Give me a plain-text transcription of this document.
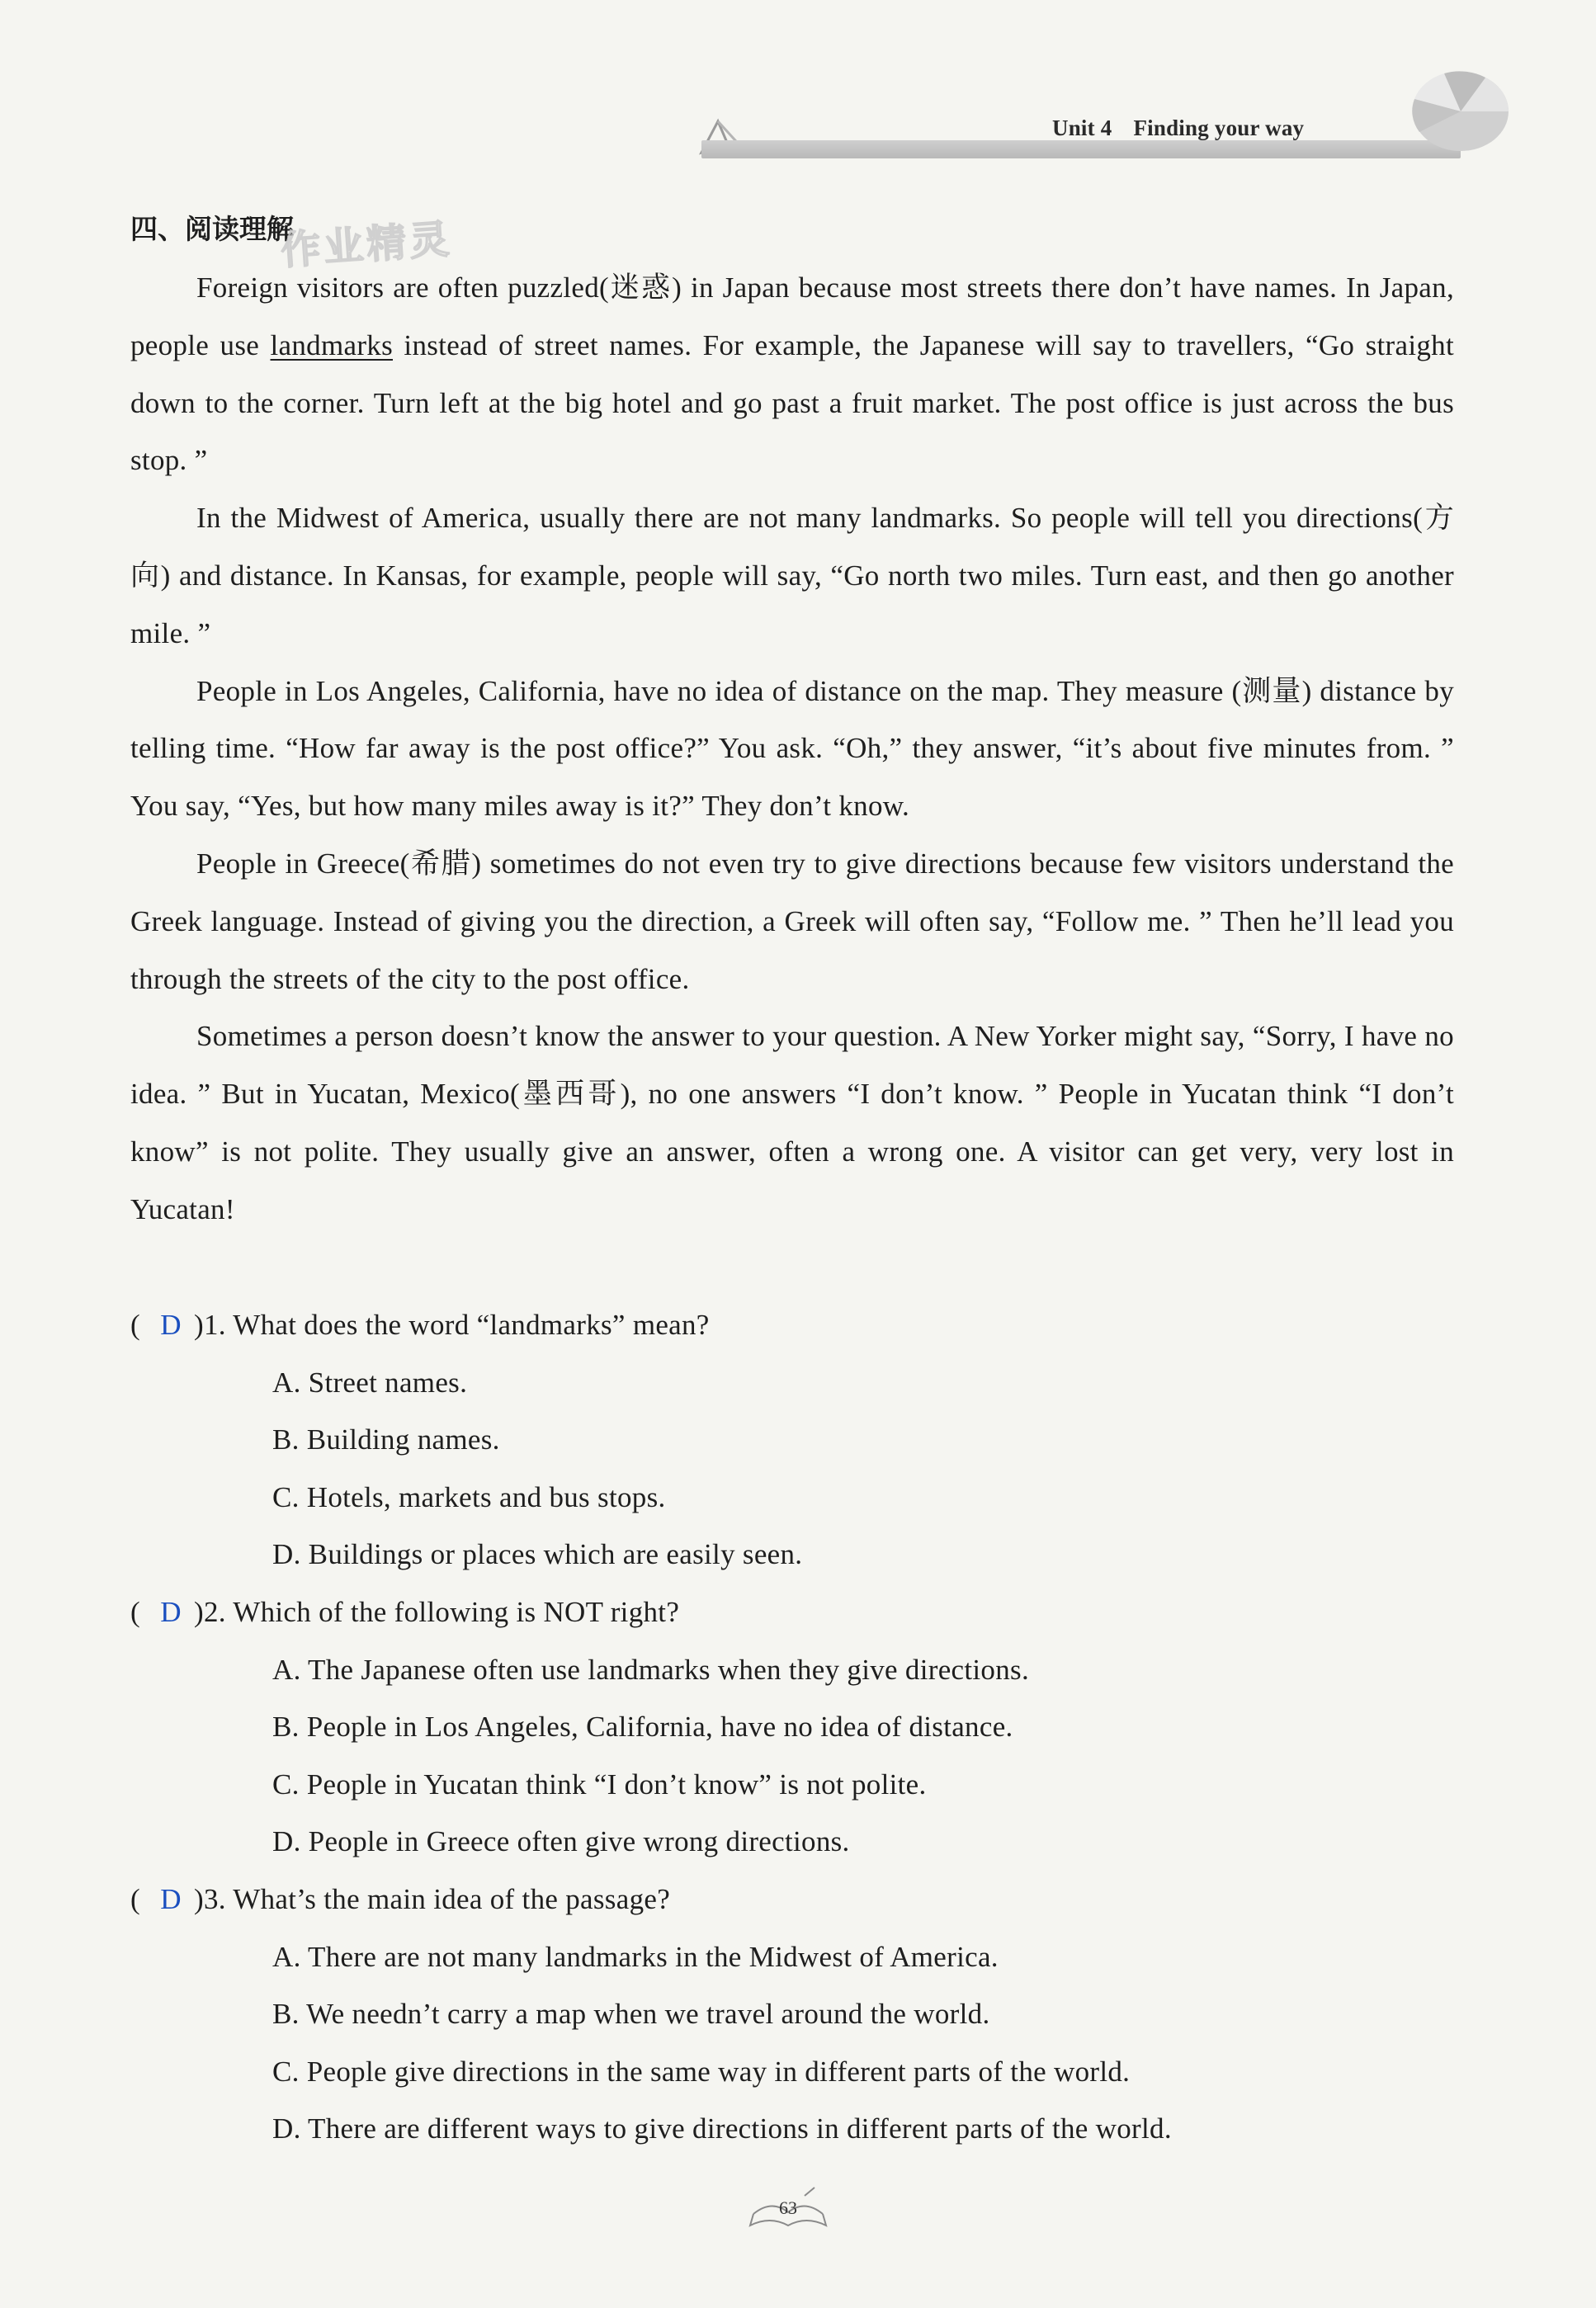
Unit 4 Finding your way
四、阅读理解
作业精灵

Foreign visitors are often puzzled(迷惑) in Japan because most streets there don’t have names. In Japan, people use landmarks instead of street names. For example, the Japanese will say to travellers, “Go straight down to the corner. Turn left at the big hotel and go past a fruit market. The post office is just across the bus stop. ”

In the Midwest of America, usually there are not many landmarks. So people will tell you directions(方向) and distance. In Kansas, for example, people will say, “Go north two miles. Turn east, and then go another mile. ”

People in Los Angeles, California, have no idea of distance on the map. They measure (测量) distance by telling time. “How far away is the post office?” You ask. “Oh,” they answer, “it’s about five minutes from. ” You say, “Yes, but how many miles away is it?” They don’t know.

People in Greece(希腊) sometimes do not even try to give directions because few visitors understand the Greek language. Instead of giving you the direction, a Greek will often say, “Follow me. ” Then he’ll lead you through the streets of the city to the post office.

Sometimes a person doesn’t know the answer to your question. A New Yorker might say, “Sorry, I have no idea. ” But in Yucatan, Mexico(墨西哥), no one answers “I don’t know. ” People in Yucatan think “I don’t know” is not polite. They usually give an answer, often a wrong one. A visitor can get very, very lost in Yucatan!

( D )1. What does the word “landmarks” mean?
A. Street names.
B. Building names.
C. Hotels, markets and bus stops.
D. Buildings or places which are easily seen.
( D )2. Which of the following is NOT right?
A. The Japanese often use landmarks when they give directions.
B. People in Los Angeles, California, have no idea of distance.
C. People in Yucatan think “I don’t know” is not polite.
D. People in Greece often give wrong directions.
( D )3. What’s the main idea of the passage?
A. There are not many landmarks in the Midwest of America.
B. We needn’t carry a map when we travel around the world.
C. People give directions in the same way in different parts of the world.
D. There are different ways to give directions in different parts of the world.
63
